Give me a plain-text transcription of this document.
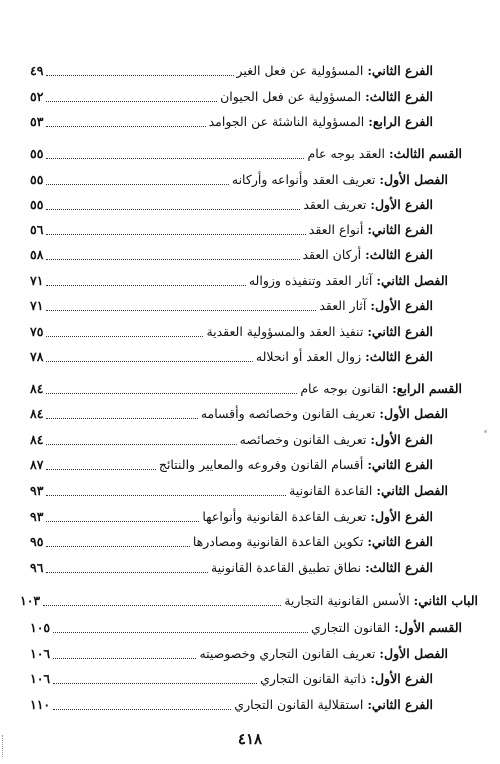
الفرع الثاني:
المسؤولية عن فعل الغير
٤٩
الفرع الثالث:
المسؤولية عن فعل الحيوان
٥٢
الفرع الرابع:
المسؤولية الناشئة عن الجوامد
٥٣
القسم الثالث:
العقد بوجه عام
٥٥
الفصل الأول:
تعريف العقد وأنواعه وأركانه
٥٥
الفرع الأول:
تعريف العقد
٥٥
الفرع الثاني:
أنواع العقد
٥٦
الفرع الثالث:
أركان العقد
٥٨
الفصل الثاني:
آثار العقد وتنفيذه وزواله
٧١
الفرع الأول:
آثار العقد
٧١
الفرع الثاني:
تنفيذ العقد والمسؤولية العقدية
٧٥
الفرع الثالث:
زوال العقد أو انحلاله
٧٨
القسم الرابع:
القانون بوجه عام
٨٤
الفصل الأول:
تعريف القانون وخصائصه وأقسامه
٨٤
الفرع الأول:
تعريف القانون وخصائصه
٨٤
الفرع الثاني:
أقسام القانون وفروعه والمعايير والنتائج
٨٧
الفصل الثاني:
القاعدة القانونية
٩٣
الفرع الأول:
تعريف القاعدة القانونية وأنواعها
٩٣
الفرع الثاني:
تكوين القاعدة القانونية ومصادرها
٩٥
الفرع الثالث:
نطاق تطبيق القاعدة القانونية
٩٦
الباب الثاني:
الأسس القانونية التجارية
١٠٣
القسم الأول:
القانون التجاري
١٠٥
الفصل الأول:
تعريف القانون التجاري وخصوصيته
١٠٦
الفرع الأول:
ذاتية القانون التجاري
١٠٦
الفرع الثاني:
استقلالية القانون التجاري
١١٠
٤١٨
